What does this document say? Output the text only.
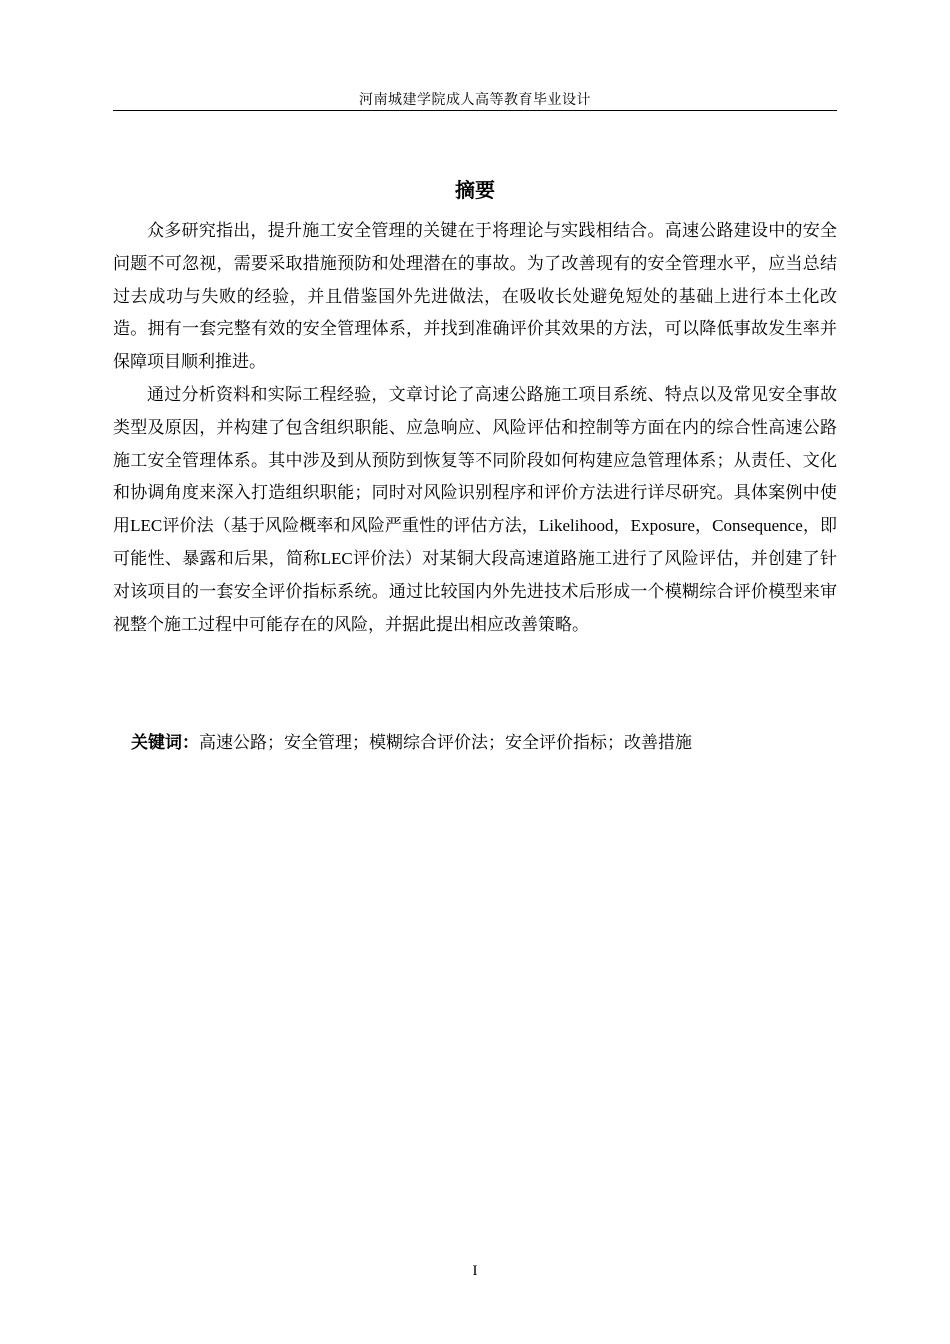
河南城建学院成人高等教育毕业设计
摘要

众多研究指出，提升施工安全管理的关键在于将理论与实践相结合。高速公路建设中的安全问题不可忽视，需要采取措施预防和处理潜在的事故。为了改善现有的安全管理水平，应当总结过去成功与失败的经验，并且借鉴国外先进做法，在吸收长处避免短处的基础上进行本土化改造。拥有一套完整有效的安全管理体系，并找到准确评价其效果的方法，可以降低事故发生率并保障项目顺利推进。

通过分析资料和实际工程经验，文章讨论了高速公路施工项目系统、特点以及常见安全事故类型及原因，并构建了包含组织职能、应急响应、风险评估和控制等方面在内的综合性高速公路施工安全管理体系。其中涉及到从预防到恢复等不同阶段如何构建应急管理体系；从责任、文化和协调角度来深入打造组织职能；同时对风险识别程序和评价方法进行详尽研究。具体案例中使用LEC评价法（基于风险概率和风险严重性的评估方法，Likelihood，Exposure，Consequence，即可能性、暴露和后果，简称LEC评价法）对某铜大段高速道路施工进行了风险评估，并创建了针对该项目的一套安全评价指标系统。通过比较国内外先进技术后形成一个模糊综合评价模型来审视整个施工过程中可能存在的风险，并据此提出相应改善策略。

关键词：高速公路；安全管理；模糊综合评价法；安全评价指标；改善措施
I
